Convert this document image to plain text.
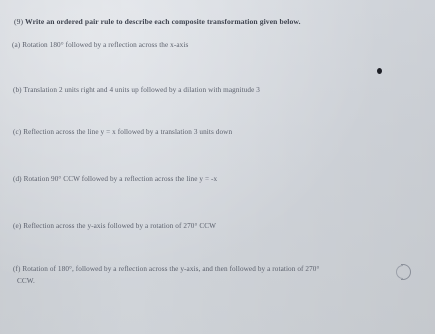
(9) Write an ordered pair rule to describe each composite transformation given below.
(a) Rotation 180° followed by a reflection across the x-axis
(b) Translation 2 units right and 4 units up followed by a dilation with magnitude 3
(c) Reflection across the line y = x followed by a translation 3 units down
(d) Rotation 90° CCW followed by a reflection across the line y = -x
(e) Reflection across the y-axis followed by a rotation of 270° CCW
(f) Rotation of 180°, followed by a reflection across the y-axis, and then followed by a rotation of 270°
CCW.
